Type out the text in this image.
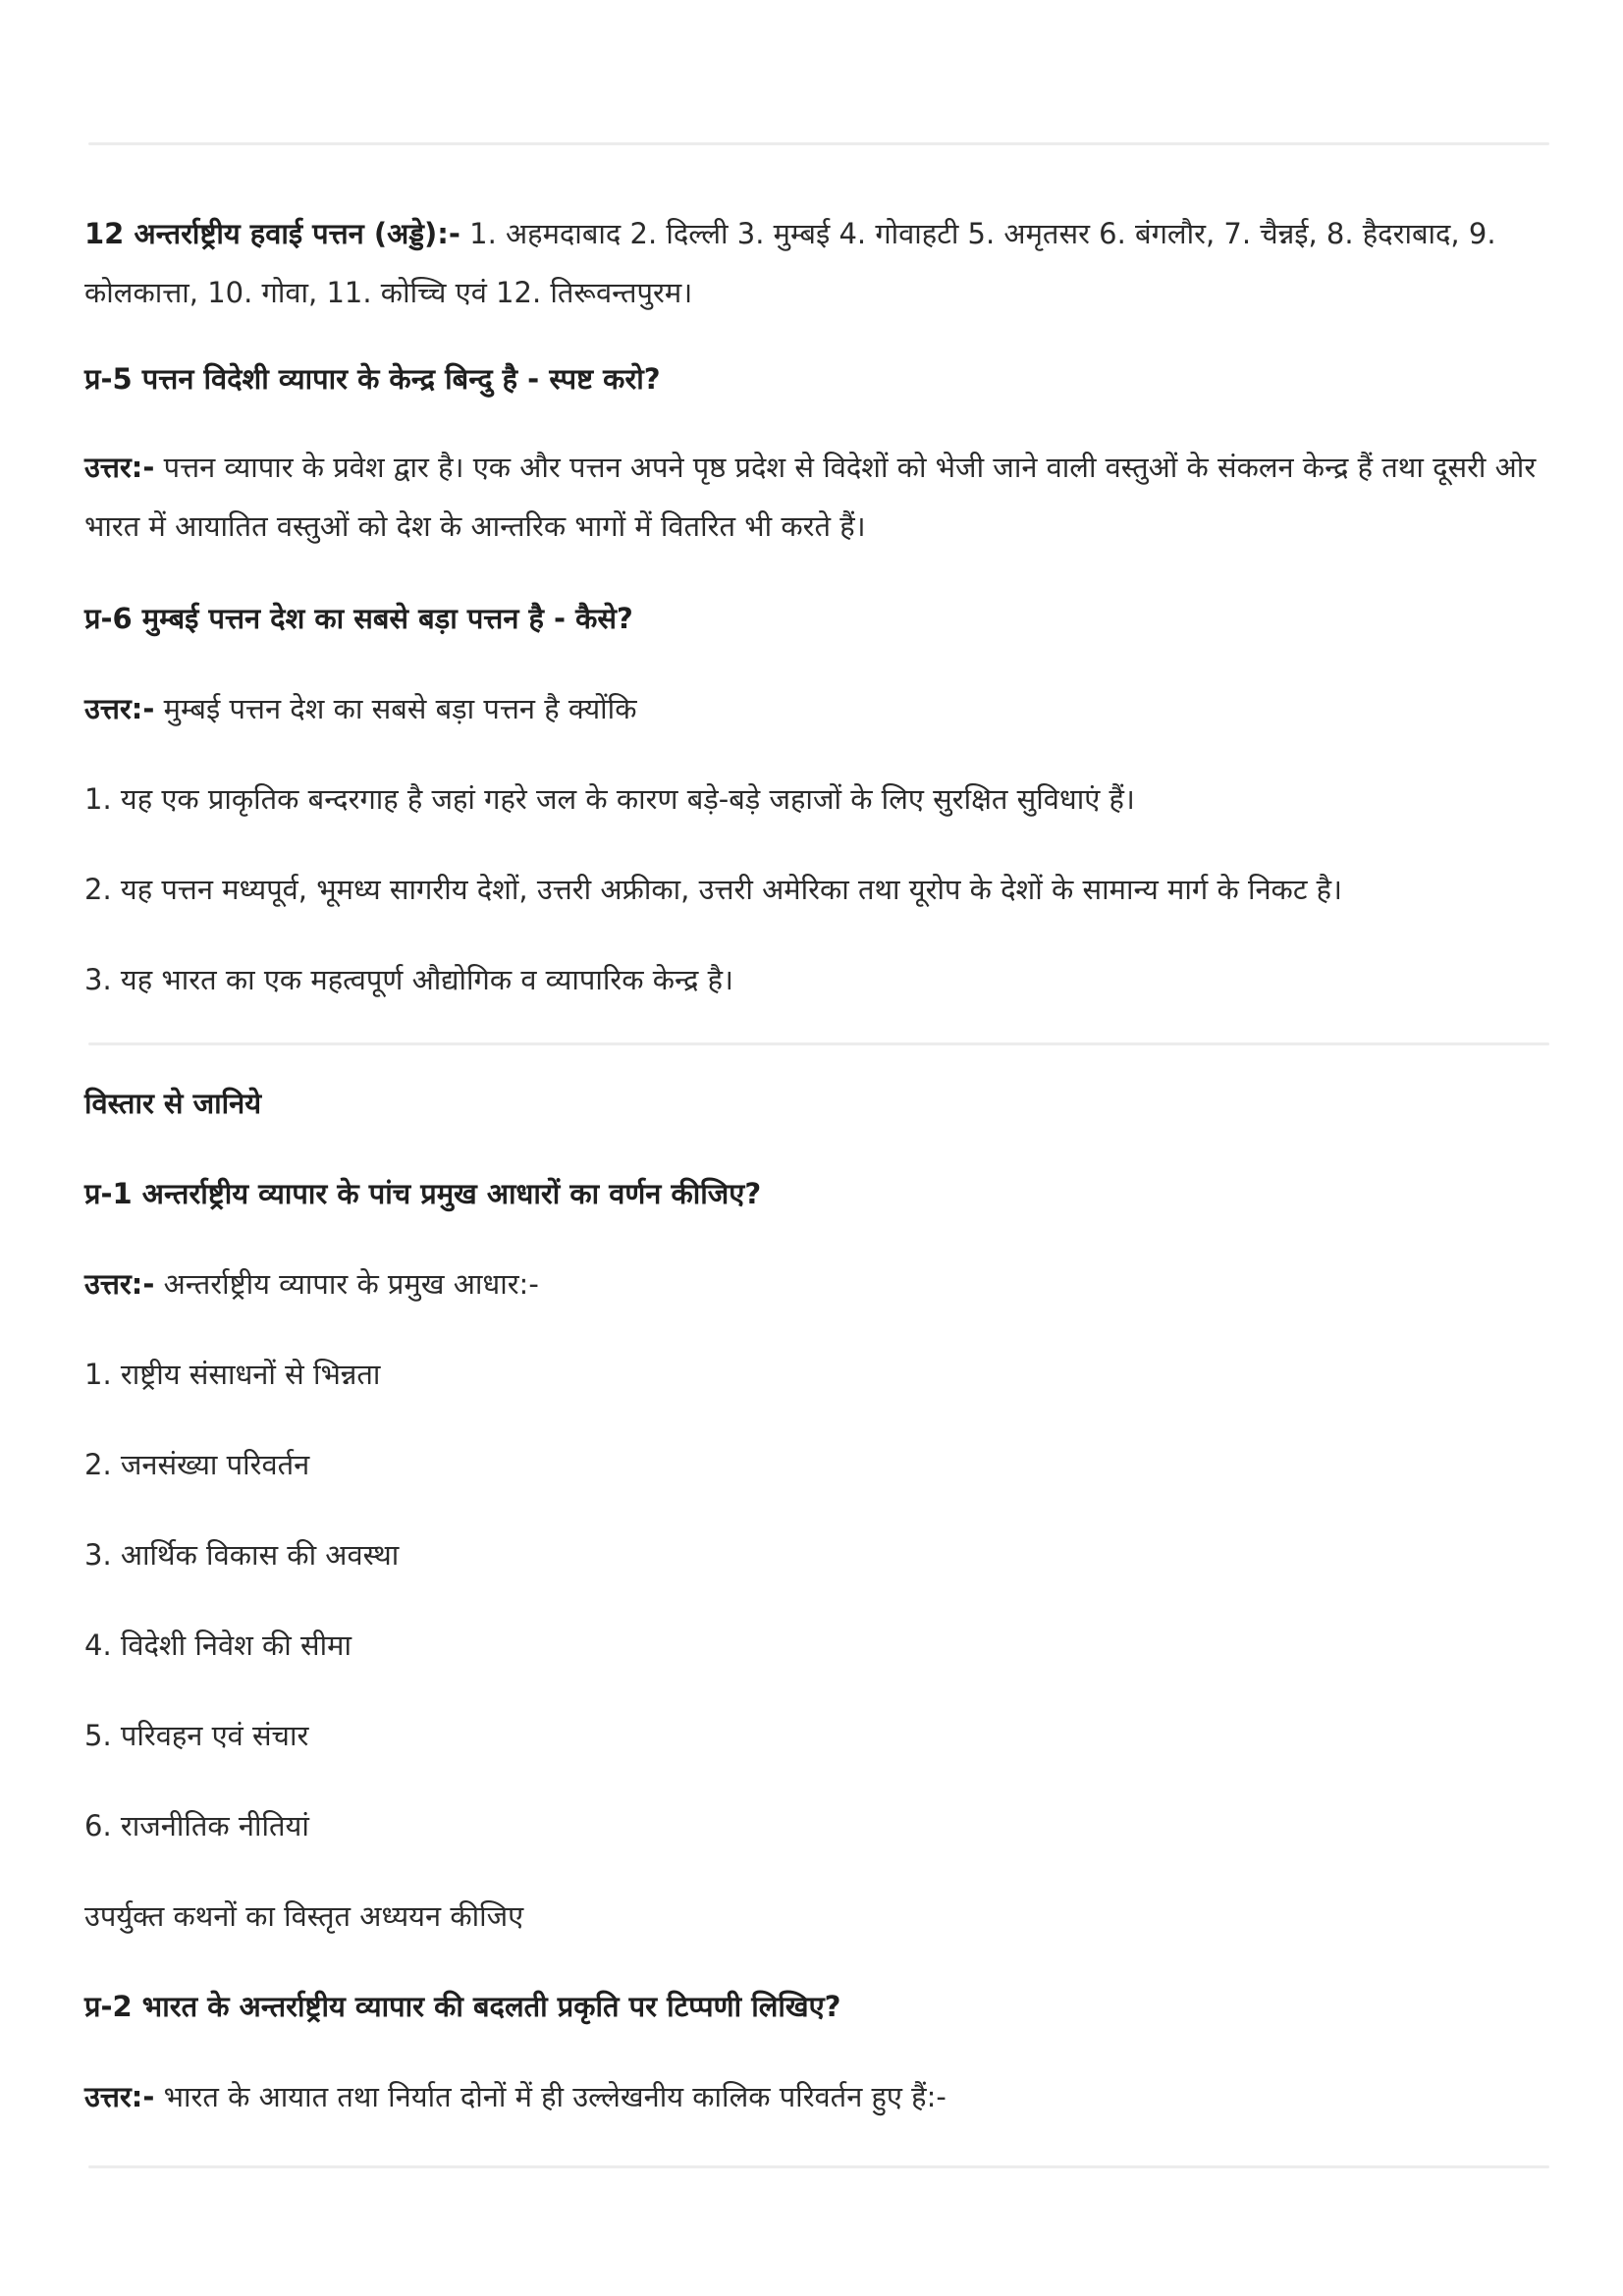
12 अन्तर्राष्ट्रीय हवाई पत्तन (अड्डे):- 1. अहमदाबाद 2. दिल्ली 3. मुम्बई 4. गोवाहटी 5. अमृतसर 6. बंगलौर, 7. चैन्नई, 8. हैदराबाद, 9. कोलकात्ता, 10. गोवा, 11. कोच्चि एवं 12. तिरूवन्तपुरम।

प्र-5 पत्तन विदेशी व्यापार के केन्द्र बिन्दु है - स्पष्ट करो?

उत्तर:- पत्तन व्यापार के प्रवेश द्वार है। एक और पत्तन अपने पृष्ठ प्रदेश से विदेशों को भेजी जाने वाली वस्तुओं के संकलन केन्द्र हैं तथा दूसरी ओर भारत में आयातित वस्तुओं को देश के आन्तरिक भागों में वितरित भी करते हैं।

प्र-6 मुम्बई पत्तन देश का सबसे बड़ा पत्तन है - कैसे?

उत्तर:- मुम्बई पत्तन देश का सबसे बड़ा पत्तन है क्योंकि

1. यह एक प्राकृतिक बन्दरगाह है जहां गहरे जल के कारण बड़े-बड़े जहाजों के लिए सुरक्षित सुविधाएं हैं।

2. यह पत्तन मध्यपूर्व, भूमध्य सागरीय देशों, उत्तरी अफ्रीका, उत्तरी अमेरिका तथा यूरोप के देशों के सामान्य मार्ग के निकट है।

3. यह भारत का एक महत्वपूर्ण औद्योगिक व व्यापारिक केन्द्र है।

विस्तार से जानिये

प्र-1 अन्तर्राष्ट्रीय व्यापार के पांच प्रमुख आधारों का वर्णन कीजिए?

उत्तर:- अन्तर्राष्ट्रीय व्यापार के प्रमुख आधार:-

1. राष्ट्रीय संसाधनों से भिन्नता

2. जनसंख्या परिवर्तन

3. आर्थिक विकास की अवस्था

4. विदेशी निवेश की सीमा

5. परिवहन एवं संचार

6. राजनीतिक नीतियां

उपर्युक्त कथनों का विस्तृत अध्ययन कीजिए

प्र-2 भारत के अन्तर्राष्ट्रीय व्यापार की बदलती प्रकृति पर टिप्पणी लिखिए?

उत्तर:- भारत के आयात तथा निर्यात दोनों में ही उल्लेखनीय कालिक परिवर्तन हुए हैं:-
